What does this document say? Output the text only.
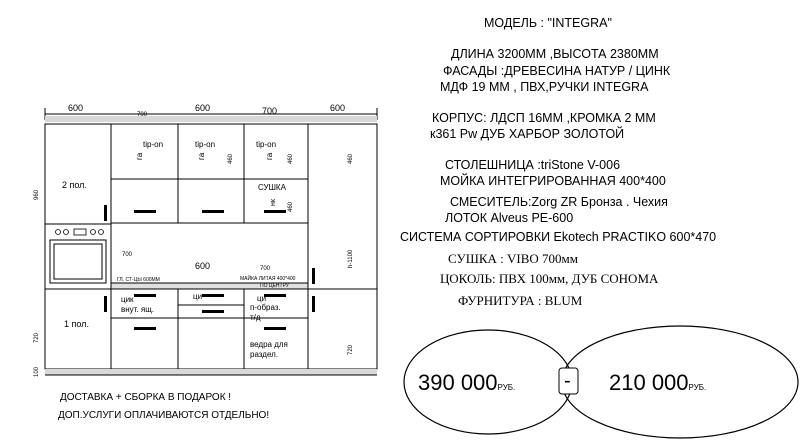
600
700
600	700	600
700
600	700
960
720
100
460	460	460
460
h-1100
720
tip-on	tip-on	tip-on
га	га	га
СУШКА
нк
2 пол.
1 пол.
ГЛ. СТ-ЦЫ 600ММ	МАЙКА ЛИТАЯ 400*400
ПО ЦЕНТРУ
цик
внут. ящ.
ци	ци
п-образ.
т/д
ведра для
раздел.
МОДЕЛЬ : "INTEGRA"
ДЛИНА 3200ММ ,ВЫСОТА 2380ММ
ФАСАДЫ :ДРЕВЕСИНА НАТУР / ЦИНК
МДФ 19 ММ , ПВХ,РУЧКИ INTEGRA
КОРПУС: ЛДСП 16ММ ,КРОМКА 2 ММ
к361 Pw ДУБ ХАРБОР ЗОЛОТОЙ
СТОЛЕШНИЦА :triStone V-006
МОЙКА ИНТЕГРИРОВАННАЯ 400*400
СМЕСИТЕЛЬ:Zorg ZR Бронза . Чехия
ЛОТОК Alveus PE-600
СИСТЕМА СОРТИРОВКИ Ekotech PRACTIKO 600*470
СУШКА : VIBO 700мм
ЦОКОЛЬ: ПВХ 100мм, ДУБ СОНОМА
ФУРНИТУРА : BLUM
390 000РУБ. - 210 000РУБ.
ДОСТАВКА + СБОРКА В ПОДАРОК !
ДОП.УСЛУГИ ОПЛАЧИВАЮТСЯ ОТДЕЛЬНО!
